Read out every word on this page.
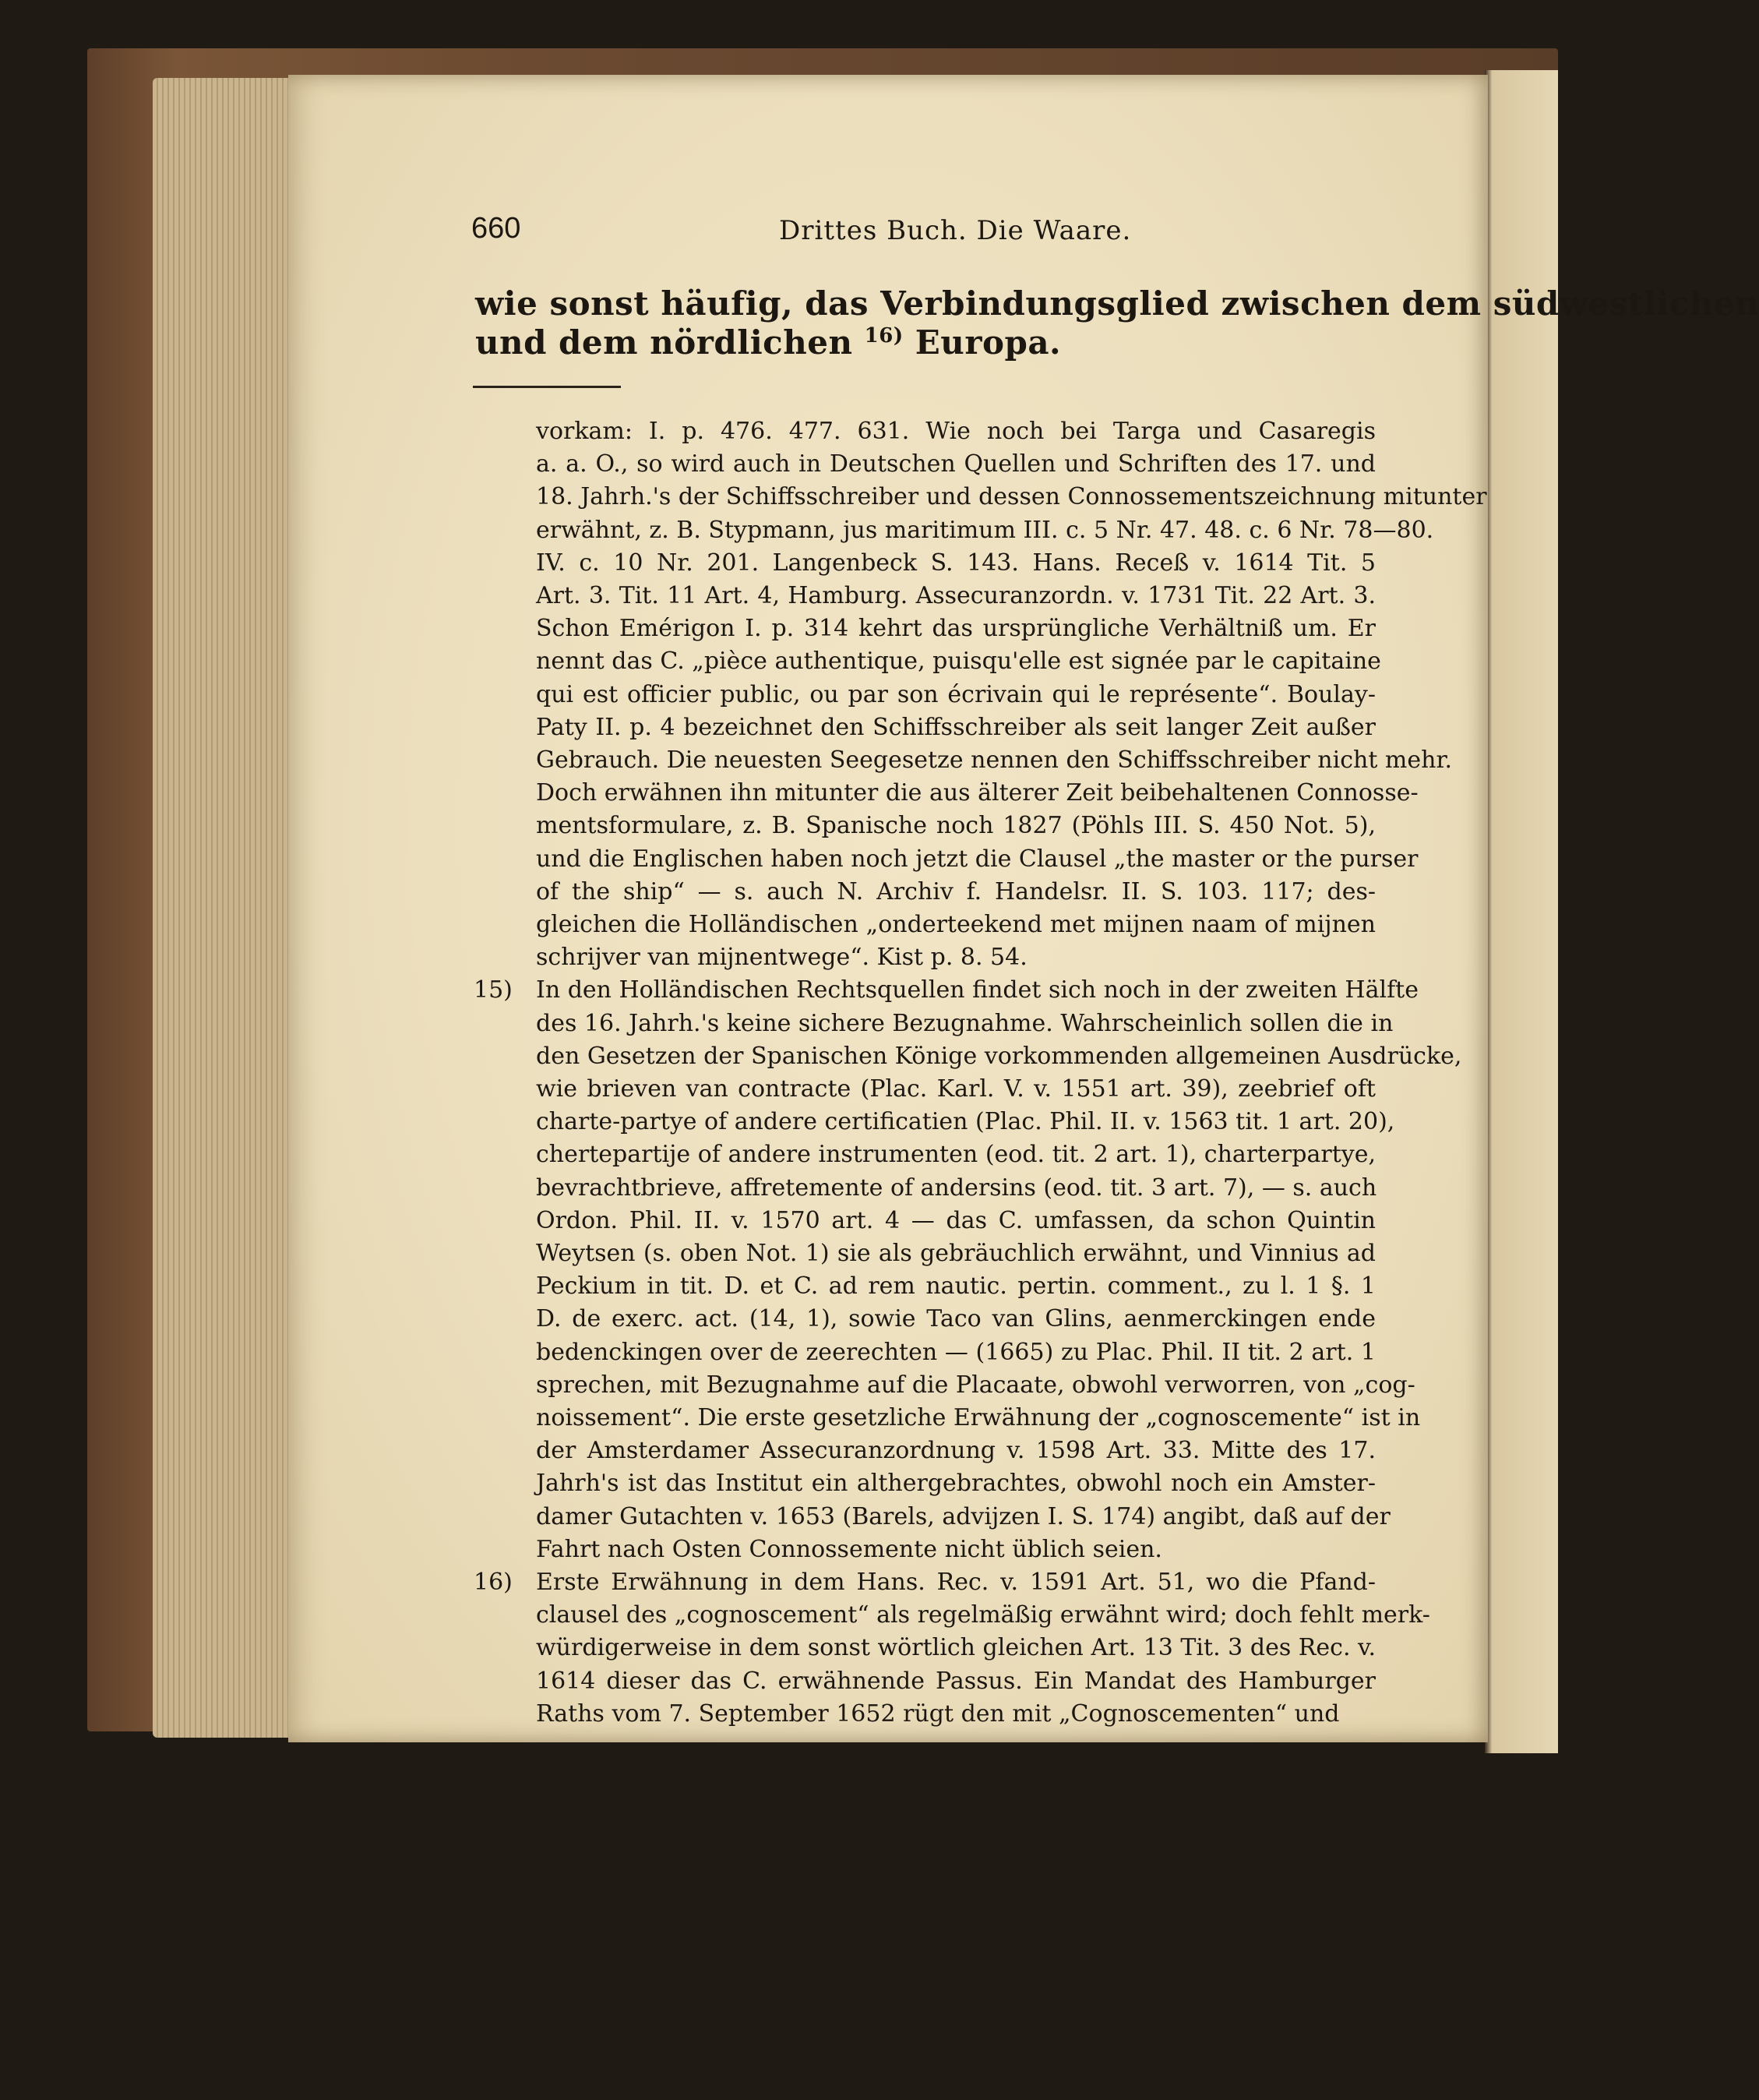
660	Drittes Buch. Die Waare.
wie sonst häufig, das Verbindungsglied zwischen dem südwestlichen
und dem nördlichen $^{16)}$ Europa.
vorkam: I. p. 476. 477. 631. Wie noch bei Targa und Casaregis
a. a. O., so wird auch in Deutschen Quellen und Schriften des 17. und
18. Jahrh.'s der Schiffsschreiber und dessen Connossementszeichnung mitunter
erwähnt, z. B. Stypmann, jus maritimum III. c. 5 Nr. 47. 48. c. 6 Nr. 78—80.
IV. c. 10 Nr. 201. Langenbeck S. 143. Hans. Receß v. 1614 Tit. 5
Art. 3. Tit. 11 Art. 4, Hamburg. Assecuranzordn. v. 1731 Tit. 22 Art. 3.
Schon Emérigon I. p. 314 kehrt das ursprüngliche Verhältniß um. Er
nennt das C. „pièce authentique, puisqu'elle est signée par le capitaine
qui est officier public, ou par son écrivain qui le représente“. Boulay-
Paty II. p. 4 bezeichnet den Schiffsschreiber als seit langer Zeit außer
Gebrauch. Die neuesten Seegesetze nennen den Schiffsschreiber nicht mehr.
Doch erwähnen ihn mitunter die aus älterer Zeit beibehaltenen Connosse-
mentsformulare, z. B. Spanische noch 1827 (Pöhls III. S. 450 Not. 5),
und die Englischen haben noch jetzt die Clausel „the master or the purser
of the ship“ — s. auch N. Archiv f. Handelsr. II. S. 103. 117; des-
gleichen die Holländischen „onderteekend met mijnen naam of mijnen
schrijver van mijnentwege“. Kist p. 8. 54.
15) In den Holländischen Rechtsquellen findet sich noch in der zweiten Hälfte
des 16. Jahrh.'s keine sichere Bezugnahme. Wahrscheinlich sollen die in
den Gesetzen der Spanischen Könige vorkommenden allgemeinen Ausdrücke,
wie brieven van contracte (Plac. Karl. V. v. 1551 art. 39), zeebrief oft
charte-partye of andere certificatien (Plac. Phil. II. v. 1563 tit. 1 art. 20),
chertepartije of andere instrumenten (eod. tit. 2 art. 1), charterpartye,
bevrachtbrieve, affretemente of andersins (eod. tit. 3 art. 7), — s. auch
Ordon. Phil. II. v. 1570 art. 4 — das C. umfassen, da schon Quintin
Weytsen (s. oben Not. 1) sie als gebräuchlich erwähnt, und Vinnius ad
Peckium in tit. D. et C. ad rem nautic. pertin. comment., zu l. 1 §. 1
D. de exerc. act. (14, 1), sowie Taco van Glins, aenmerckingen ende
bedenckingen over de zeerechten — (1665) zu Plac. Phil. II tit. 2 art. 1
sprechen, mit Bezugnahme auf die Placaate, obwohl verworren, von „cog-
noissement“. Die erste gesetzliche Erwähnung der „cognoscemente“ ist in
der Amsterdamer Assecuranzordnung v. 1598 Art. 33. Mitte des 17.
Jahrh's ist das Institut ein althergebrachtes, obwohl noch ein Amster-
damer Gutachten v. 1653 (Barels, advijzen I. S. 174) angibt, daß auf der
Fahrt nach Osten Connossemente nicht üblich seien.
16) Erste Erwähnung in dem Hans. Rec. v. 1591 Art. 51, wo die Pfand-
clausel des „cognoscement“ als regelmäßig erwähnt wird; doch fehlt merk-
würdigerweise in dem sonst wörtlich gleichen Art. 13 Tit. 3 des Rec. v.
1614 dieser das C. erwähnende Passus. Ein Mandat des Hamburger
Raths vom 7. September 1652 rügt den mit „Cognoscementen“ und
